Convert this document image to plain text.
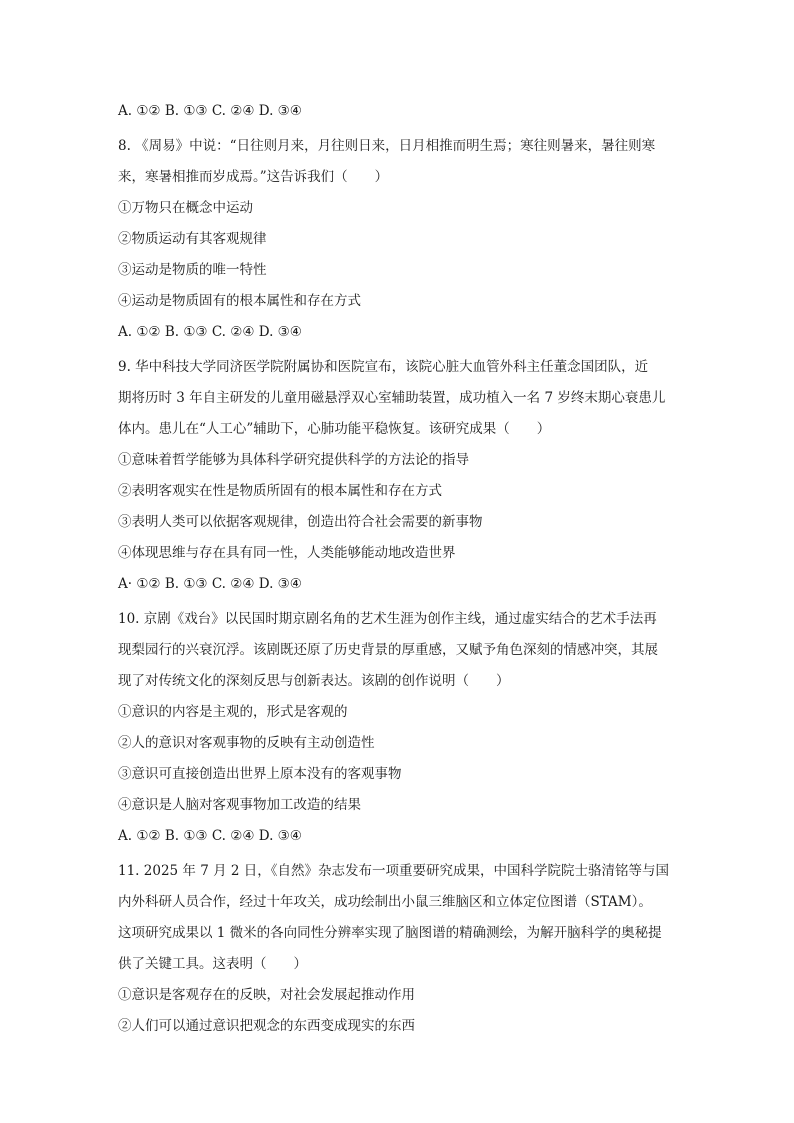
A. ①② B. ①③ C. ②④ D. ③④

8. 《周易》中说：“日往则月来，月往则日来，日月相推而明生焉；寒往则暑来，暑往则寒

来，寒暑相推而岁成焉。”这告诉我们（　　）

①万物只在概念中运动

②物质运动有其客观规律

③运动是物质的唯一特性

④运动是物质固有的根本属性和存在方式

A. ①② B. ①③ C. ②④ D. ③④

9. 华中科技大学同济医学院附属协和医院宣布，该院心脏大血管外科主任董念国团队，近

期将历时 3 年自主研发的儿童用磁悬浮双心室辅助装置，成功植入一名 7 岁终末期心衰患儿

体内。患儿在“人工心”辅助下，心肺功能平稳恢复。该研究成果（　　）

①意味着哲学能够为具体科学研究提供科学的方法论的指导

②表明客观实在性是物质所固有的根本属性和存在方式

③表明人类可以依据客观规律，创造出符合社会需要的新事物

④体现思维与存在具有同一性，人类能够能动地改造世界

A· ①② B. ①③ C. ②④ D. ③④

10. 京剧《戏台》以民国时期京剧名角的艺术生涯为创作主线，通过虚实结合的艺术手法再

现梨园行的兴衰沉浮。该剧既还原了历史背景的厚重感，又赋予角色深刻的情感冲突，其展

现了对传统文化的深刻反思与创新表达。该剧的创作说明（　　）

①意识的内容是主观的，形式是客观的

②人的意识对客观事物的反映有主动创造性

③意识可直接创造出世界上原本没有的客观事物

④意识是人脑对客观事物加工改造的结果

A. ①② B. ①③ C. ②④ D. ③④

11. 2025 年 7 月 2 日，《自然》杂志发布一项重要研究成果，中国科学院院士骆清铭等与国

内外科研人员合作，经过十年攻关，成功绘制出小鼠三维脑区和立体定位图谱（STAM）。

这项研究成果以 1 微米的各向同性分辨率实现了脑图谱的精确测绘，为解开脑科学的奥秘提

供了关键工具。这表明（　　）

①意识是客观存在的反映，对社会发展起推动作用

②人们可以通过意识把观念的东西变成现实的东西
